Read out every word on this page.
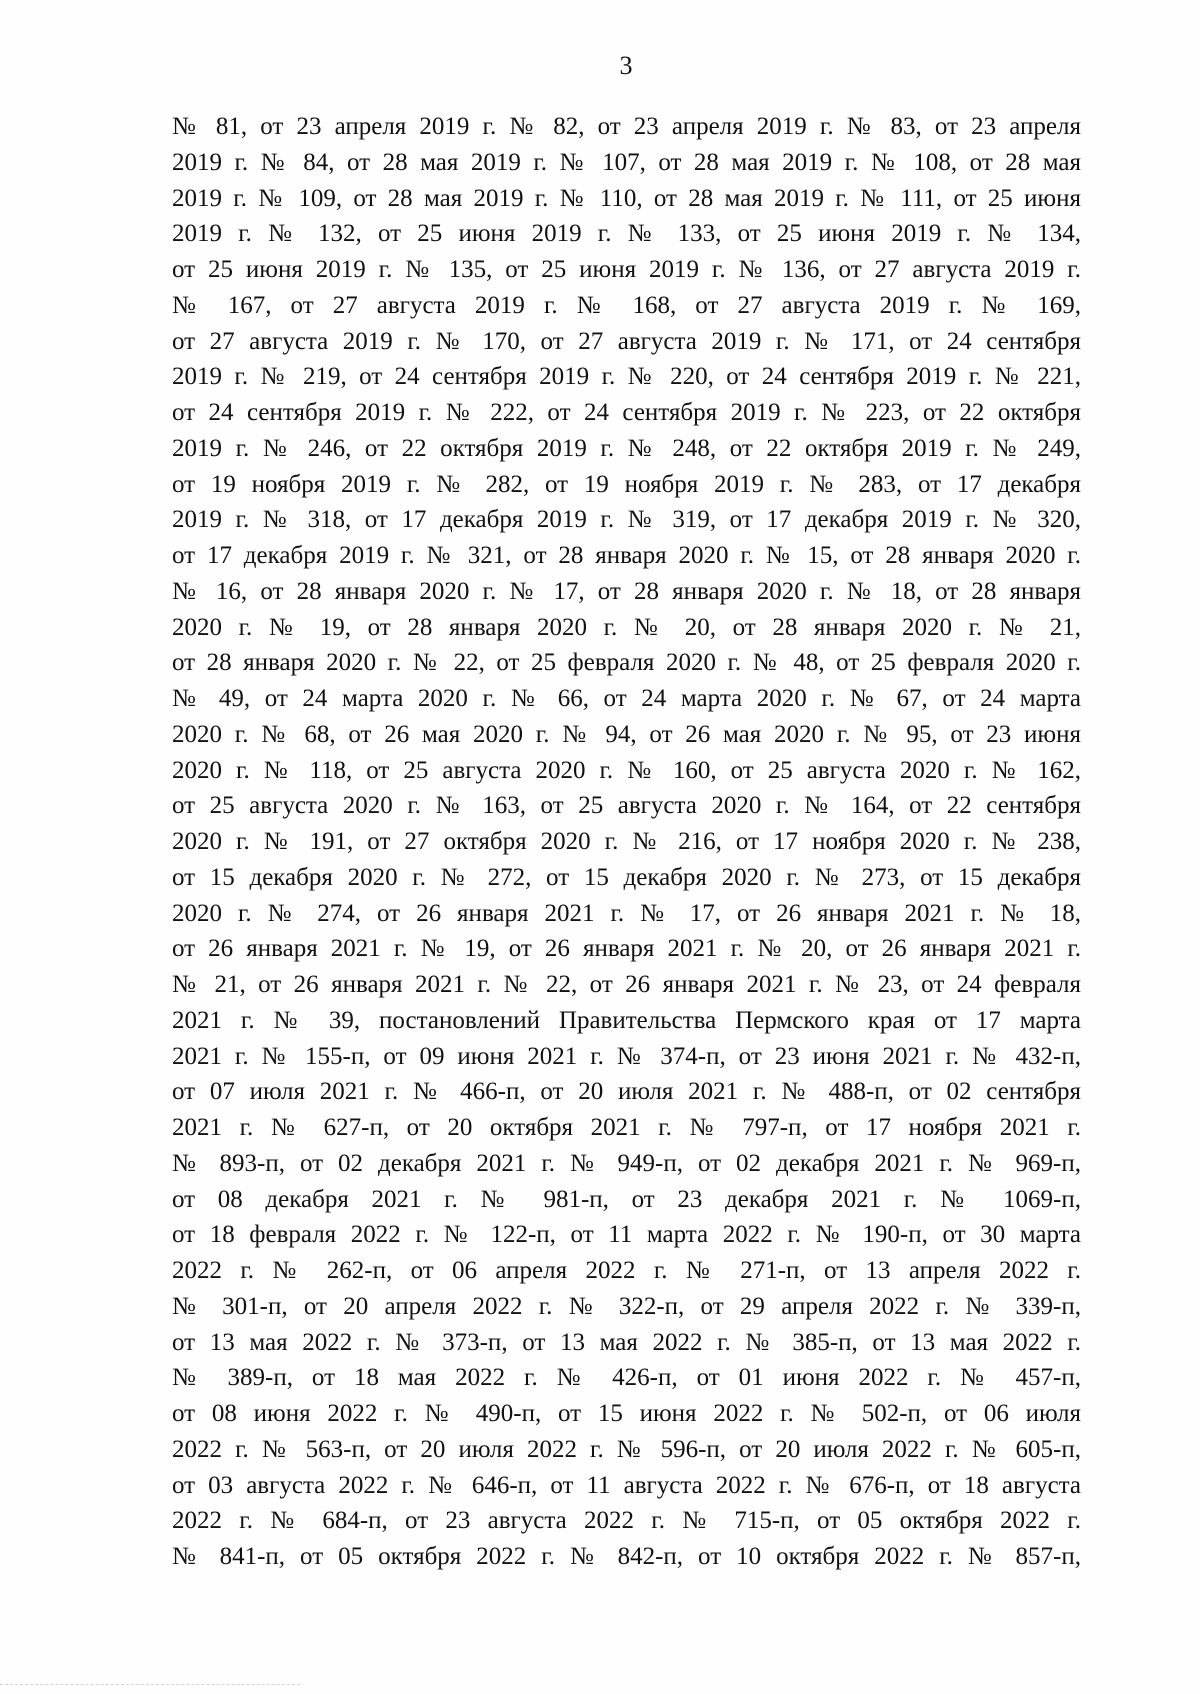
3
№ 81, от 23 апреля 2019 г. № 82, от 23 апреля 2019 г. № 83, от 23 апреля
2019 г. № 84, от 28 мая 2019 г. № 107, от 28 мая 2019 г. № 108, от 28 мая
2019 г. № 109, от 28 мая 2019 г. № 110, от 28 мая 2019 г. № 111, от 25 июня
2019 г. № 132, от 25 июня 2019 г. № 133, от 25 июня 2019 г. № 134,
от 25 июня 2019 г. № 135, от 25 июня 2019 г. № 136, от 27 августа 2019 г.
№ 167, от 27 августа 2019 г. № 168, от 27 августа 2019 г. № 169,
от 27 августа 2019 г. № 170, от 27 августа 2019 г. № 171, от 24 сентября
2019 г. № 219, от 24 сентября 2019 г. № 220, от 24 сентября 2019 г. № 221,
от 24 сентября 2019 г. № 222, от 24 сентября 2019 г. № 223, от 22 октября
2019 г. № 246, от 22 октября 2019 г. № 248, от 22 октября 2019 г. № 249,
от 19 ноября 2019 г. № 282, от 19 ноября 2019 г. № 283, от 17 декабря
2019 г. № 318, от 17 декабря 2019 г. № 319, от 17 декабря 2019 г. № 320,
от 17 декабря 2019 г. № 321, от 28 января 2020 г. № 15, от 28 января 2020 г.
№ 16, от 28 января 2020 г. № 17, от 28 января 2020 г. № 18, от 28 января
2020 г. № 19, от 28 января 2020 г. № 20, от 28 января 2020 г. № 21,
от 28 января 2020 г. № 22, от 25 февраля 2020 г. № 48, от 25 февраля 2020 г.
№ 49, от 24 марта 2020 г. № 66, от 24 марта 2020 г. № 67, от 24 марта
2020 г. № 68, от 26 мая 2020 г. № 94, от 26 мая 2020 г. № 95, от 23 июня
2020 г. № 118, от 25 августа 2020 г. № 160, от 25 августа 2020 г. № 162,
от 25 августа 2020 г. № 163, от 25 августа 2020 г. № 164, от 22 сентября
2020 г. № 191, от 27 октября 2020 г. № 216, от 17 ноября 2020 г. № 238,
от 15 декабря 2020 г. № 272, от 15 декабря 2020 г. № 273, от 15 декабря
2020 г. № 274, от 26 января 2021 г. № 17, от 26 января 2021 г. № 18,
от 26 января 2021 г. № 19, от 26 января 2021 г. № 20, от 26 января 2021 г.
№ 21, от 26 января 2021 г. № 22, от 26 января 2021 г. № 23, от 24 февраля
2021 г. № 39, постановлений Правительства Пермского края от 17 марта
2021 г. № 155-п, от 09 июня 2021 г. № 374-п, от 23 июня 2021 г. № 432-п,
от 07 июля 2021 г. № 466-п, от 20 июля 2021 г. № 488-п, от 02 сентября
2021 г. № 627-п, от 20 октября 2021 г. № 797-п, от 17 ноября 2021 г.
№ 893-п, от 02 декабря 2021 г. № 949-п, от 02 декабря 2021 г. № 969-п,
от 08 декабря 2021 г. № 981-п, от 23 декабря 2021 г. № 1069-п,
от 18 февраля 2022 г. № 122-п, от 11 марта 2022 г. № 190-п, от 30 марта
2022 г. № 262-п, от 06 апреля 2022 г. № 271-п, от 13 апреля 2022 г.
№ 301-п, от 20 апреля 2022 г. № 322-п, от 29 апреля 2022 г. № 339-п,
от 13 мая 2022 г. № 373-п, от 13 мая 2022 г. № 385-п, от 13 мая 2022 г.
№ 389-п, от 18 мая 2022 г. № 426-п, от 01 июня 2022 г. № 457-п,
от 08 июня 2022 г. № 490-п, от 15 июня 2022 г. № 502-п, от 06 июля
2022 г. № 563-п, от 20 июля 2022 г. № 596-п, от 20 июля 2022 г. № 605-п,
от 03 августа 2022 г. № 646-п, от 11 августа 2022 г. № 676-п, от 18 августа
2022 г. № 684-п, от 23 августа 2022 г. № 715-п, от 05 октября 2022 г.
№ 841-п, от 05 октября 2022 г. № 842-п, от 10 октября 2022 г. № 857-п,
